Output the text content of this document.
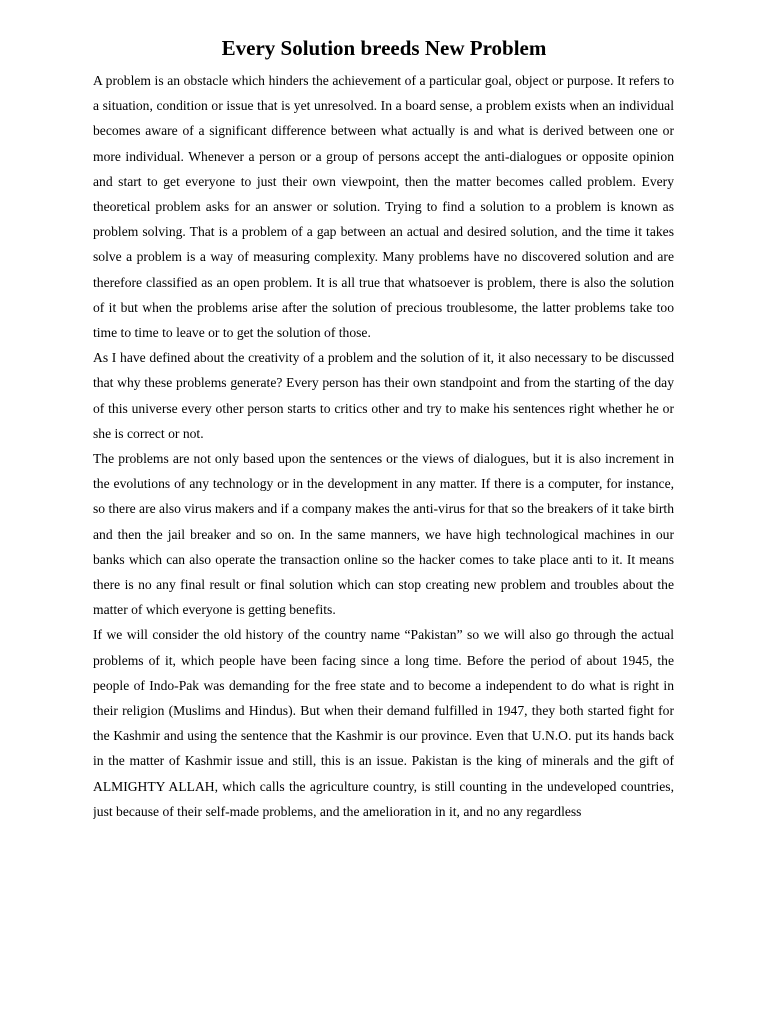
Every Solution breeds New Problem

A problem is an obstacle which hinders the achievement of a particular goal, object or purpose. It refers to a situation, condition or issue that is yet unresolved. In a board sense, a problem exists when an individual becomes aware of a significant difference between what actually is and what is derived between one or more individual. Whenever a person or a group of persons accept the anti-dialogues or opposite opinion and start to get everyone to just their own viewpoint, then the matter becomes called problem. Every theoretical problem asks for an answer or solution. Trying to find a solution to a problem is known as problem solving. That is a problem of a gap between an actual and desired solution, and the time it takes solve a problem is a way of measuring complexity. Many problems have no discovered solution and are therefore classified as an open problem. It is all true that whatsoever is problem, there is also the solution of it but when the problems arise after the solution of precious troublesome, the latter problems take too time to time to leave or to get the solution of those.

As I have defined about the creativity of a problem and the solution of it, it also necessary to be discussed that why these problems generate? Every person has their own standpoint and from the starting of the day of this universe every other person starts to critics other and try to make his sentences right whether he or she is correct or not.

The problems are not only based upon the sentences or the views of dialogues, but it is also increment in the evolutions of any technology or in the development in any matter. If there is a computer, for instance, so there are also virus makers and if a company makes the anti-virus for that so the breakers of it take birth and then the jail breaker and so on. In the same manners, we have high technological machines in our banks which can also operate the transaction online so the hacker comes to take place anti to it. It means there is no any final result or final solution which can stop creating new problem and troubles about the matter of which everyone is getting benefits.

If we will consider the old history of the country name “Pakistan” so we will also go through the actual problems of it, which people have been facing since a long time. Before the period of about 1945, the people of Indo-Pak was demanding for the free state and to become a independent to do what is right in their religion (Muslims and Hindus). But when their demand fulfilled in 1947, they both started fight for the Kashmir and using the sentence that the Kashmir is our province. Even that U.N.O. put its hands back in the matter of Kashmir issue and still, this is an issue. Pakistan is the king of minerals and the gift of ALMIGHTY ALLAH, which calls the agriculture country, is still counting in the undeveloped countries, just because of their self-made problems, and the amelioration in it, and no any regardless
